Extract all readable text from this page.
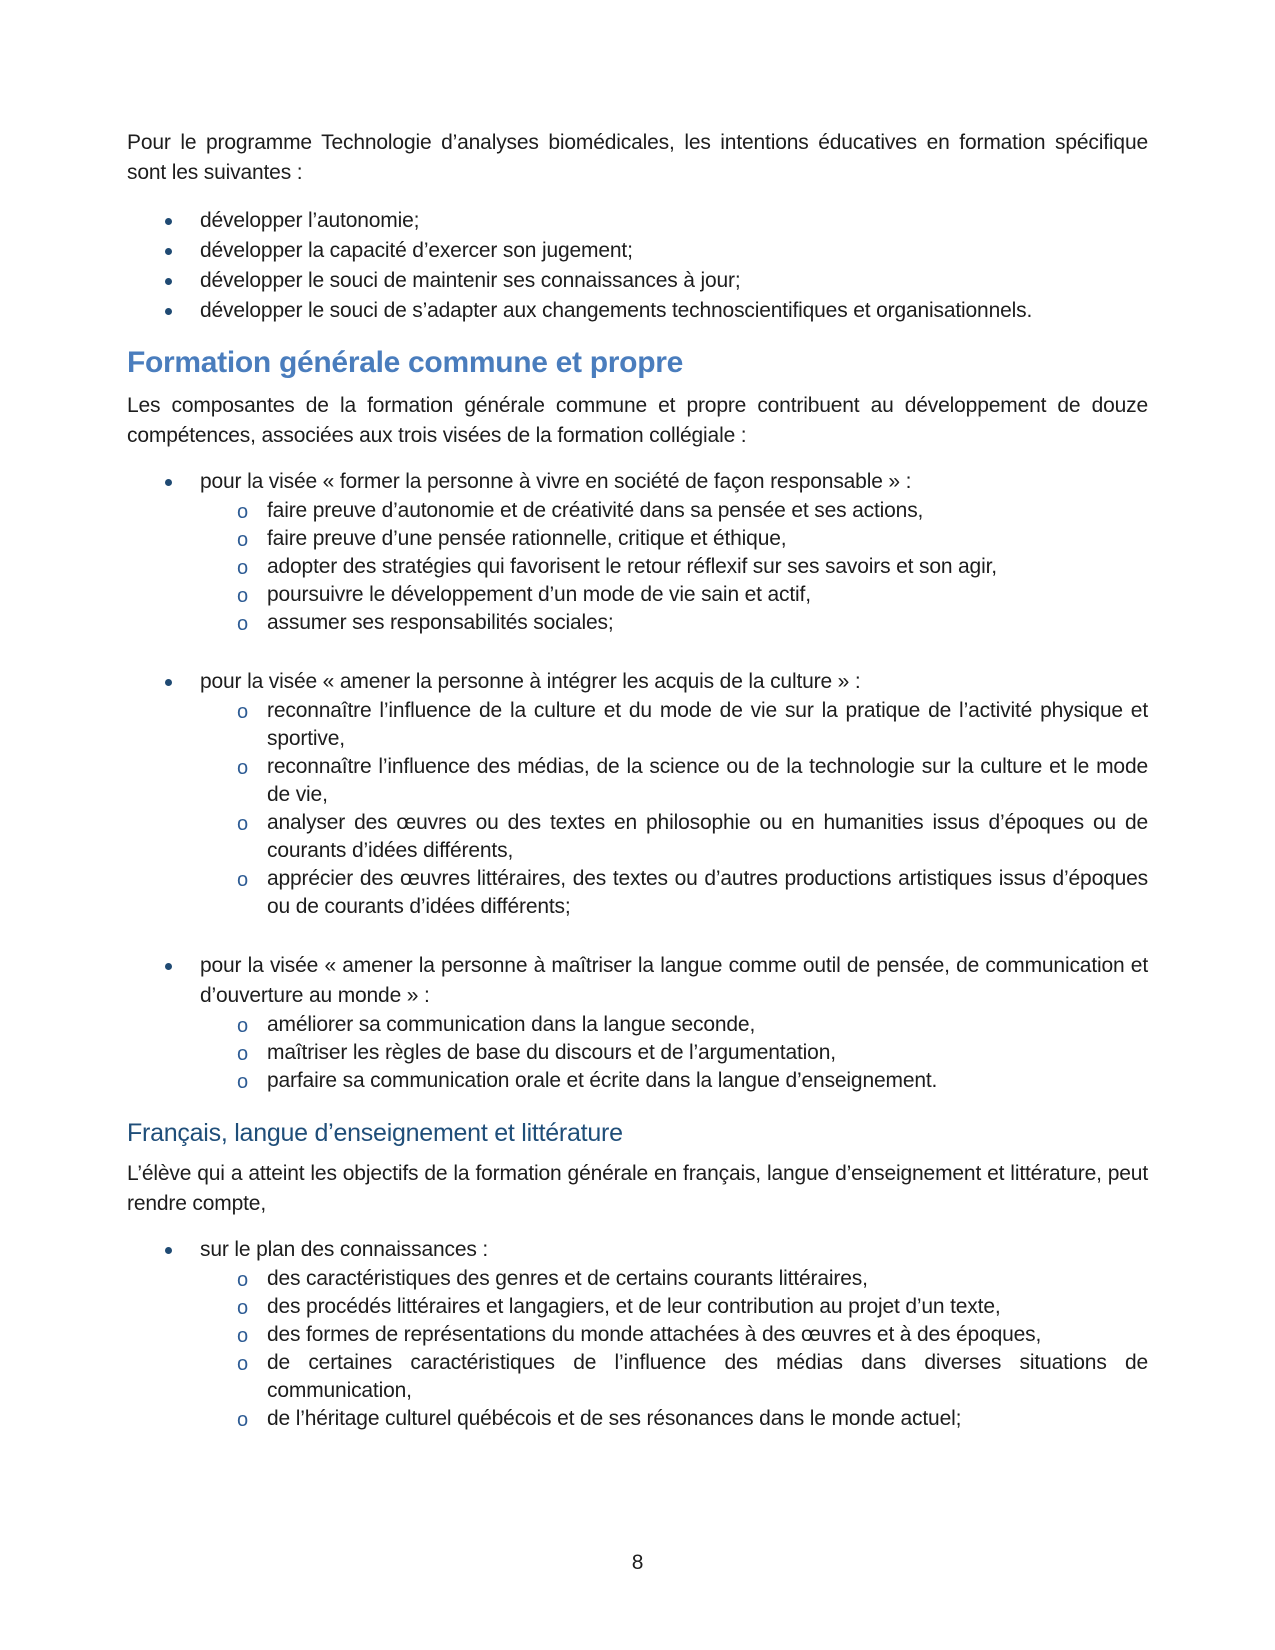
Pour le programme Technologie d’analyses biomédicales, les intentions éducatives en formation spécifique sont les suivantes :

développer l’autonomie;
développer la capacité d’exercer son jugement;
développer le souci de maintenir ses connaissances à jour;
développer le souci de s’adapter aux changements technoscientifiques et organisationnels.
Formation générale commune et propre

Les composantes de la formation générale commune et propre contribuent au développement de douze compétences, associées aux trois visées de la formation collégiale :

pour la visée « former la personne à vivre en société de façon responsable » :
o faire preuve d’autonomie et de créativité dans sa pensée et ses actions,
o faire preuve d’une pensée rationnelle, critique et éthique,
o adopter des stratégies qui favorisent le retour réflexif sur ses savoirs et son agir,
o poursuivre le développement d’un mode de vie sain et actif,
o assumer ses responsabilités sociales;
pour la visée « amener la personne à intégrer les acquis de la culture » :
o reconnaître l’influence de la culture et du mode de vie sur la pratique de l’activité physique et sportive,
o reconnaître l’influence des médias, de la science ou de la technologie sur la culture et le mode de vie,
o analyser des œuvres ou des textes en philosophie ou en humanities issus d’époques ou de courants d’idées différents,
o apprécier des œuvres littéraires, des textes ou d’autres productions artistiques issus d’époques ou de courants d’idées différents;
pour la visée « amener la personne à maîtriser la langue comme outil de pensée, de communication et d’ouverture au monde » :
o améliorer sa communication dans la langue seconde,
o maîtriser les règles de base du discours et de l’argumentation,
o parfaire sa communication orale et écrite dans la langue d’enseignement.
Français, langue d’enseignement et littérature

L’élève qui a atteint les objectifs de la formation générale en français, langue d’enseignement et littérature, peut rendre compte,

sur le plan des connaissances :
o des caractéristiques des genres et de certains courants littéraires,
o des procédés littéraires et langagiers, et de leur contribution au projet d’un texte,
o des formes de représentations du monde attachées à des œuvres et à des époques,
o de certaines caractéristiques de l’influence des médias dans diverses situations de communication,
o de l’héritage culturel québécois et de ses résonances dans le monde actuel;
8
